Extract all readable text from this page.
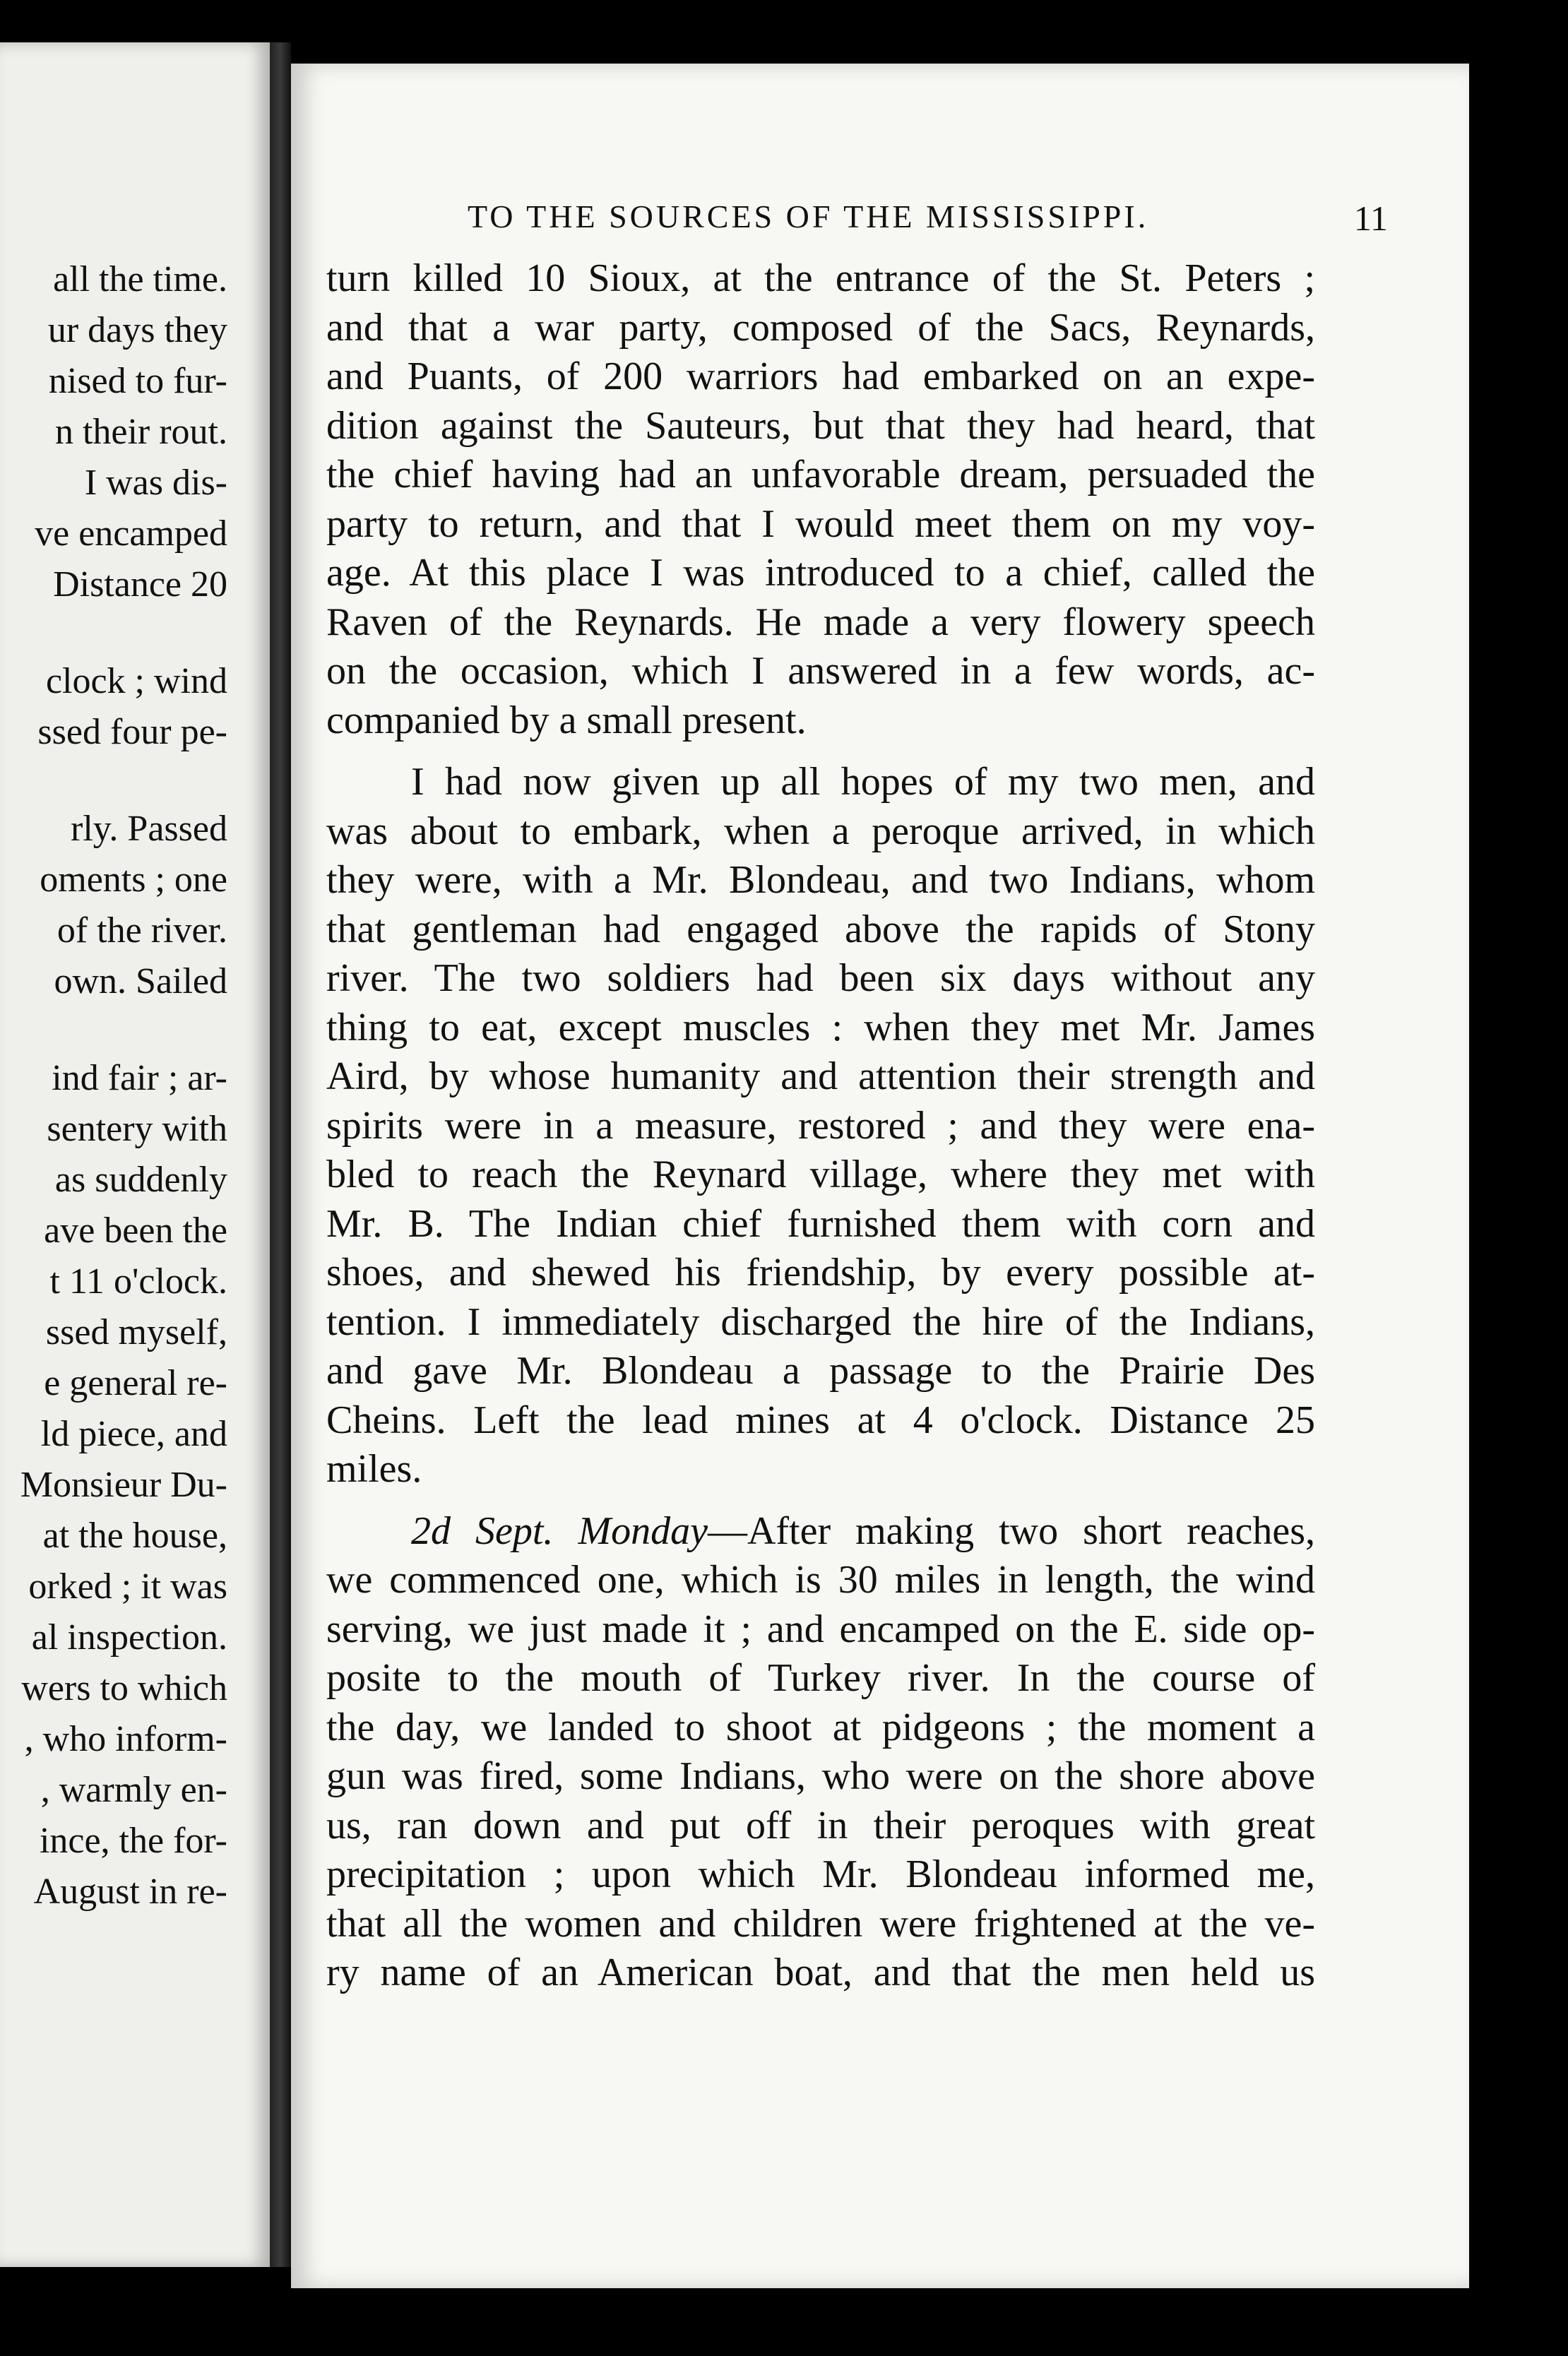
all the time.
ur days they
nised to fur-
n their rout.
I was dis-
ve encamped
Distance 20
clock ; wind
ssed four pe-
rly. Passed
oments ; one
of the river.
own. Sailed
ind fair ; ar-
sentery with
as suddenly
ave been the
t 11 o'clock.
ssed myself,
e general re-
ld piece, and
Monsieur Du-
at the house,
orked ; it was
al inspection.
wers to which
, who inform-
, warmly en-
ince, the for-
August in re-
TO THE SOURCES OF THE MISSISSIPPI.	11
turn killed 10 Sioux, at the entrance of the St. Peters ;
and that a war party, composed of the Sacs, Reynards,
and Puants, of 200 warriors had embarked on an expe-
dition against the Sauteurs, but that they had heard, that
the chief having had an unfavorable dream, persuaded the
party to return, and that I would meet them on my voy-
age. At this place I was introduced to a chief, called the
Raven of the Reynards. He made a very flowery speech
on the occasion, which I answered in a few words, ac-
companied by a small present.
I had now given up all hopes of my two men, and
was about to embark, when a peroque arrived, in which
they were, with a Mr. Blondeau, and two Indians, whom
that gentleman had engaged above the rapids of Stony
river. The two soldiers had been six days without any
thing to eat, except muscles : when they met Mr. James
Aird, by whose humanity and attention their strength and
spirits were in a measure, restored ; and they were ena-
bled to reach the Reynard village, where they met with
Mr. B. The Indian chief furnished them with corn and
shoes, and shewed his friendship, by every possible at-
tention. I immediately discharged the hire of the Indians,
and gave Mr. Blondeau a passage to the Prairie Des
Cheins. Left the lead mines at 4 o'clock. Distance 25
miles.
2d Sept. Monday—After making two short reaches,
we commenced one, which is 30 miles in length, the wind
serving, we just made it ; and encamped on the E. side op-
posite to the mouth of Turkey river. In the course of
the day, we landed to shoot at pidgeons ; the moment a
gun was fired, some Indians, who were on the shore above
us, ran down and put off in their peroques with great
precipitation ; upon which Mr. Blondeau informed me,
that all the women and children were frightened at the ve-
ry name of an American boat, and that the men held us
